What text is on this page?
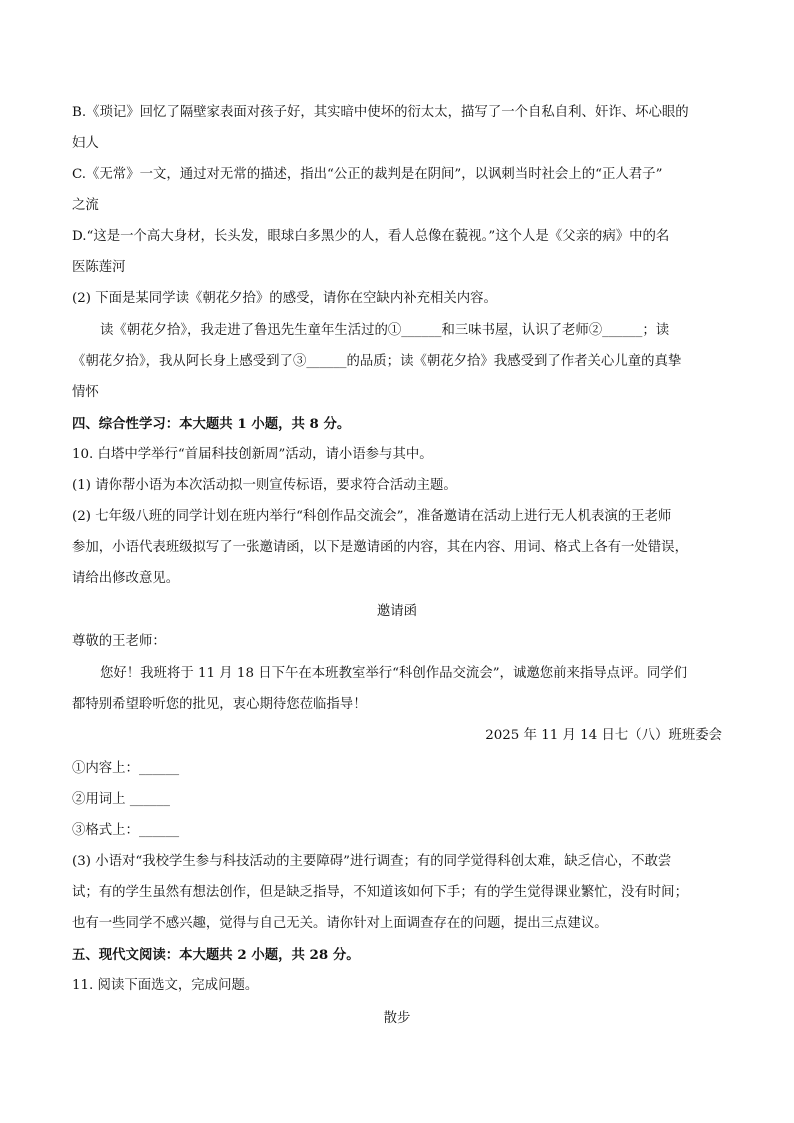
B.《琐记》回忆了隔壁家表面对孩子好，其实暗中使坏的衍太太，描写了一个自私自利、奸诈、坏心眼的
妇人
C.《无常》一文，通过对无常的描述，指出“公正的裁判是在阴间”，以讽刺当时社会上的“正人君子”
之流
D.“这是一个高大身材，长头发，眼球白多黑少的人，看人总像在藐视。”这个人是《父亲的病》中的名
医陈莲河
(2) 下面是某同学读《朝花夕拾》的感受，请你在空缺内补充相关内容。
读《朝花夕拾》，我走进了鲁迅先生童年生活过的①______和三味书屋，认识了老师②______；读
《朝花夕拾》，我从阿长身上感受到了③______的品质；读《朝花夕拾》我感受到了作者关心儿童的真挚
情怀
四、综合性学习：本大题共 1 小题，共 8 分。
10. 白塔中学举行“首届科技创新周”活动，请小语参与其中。
(1) 请你帮小语为本次活动拟一则宣传标语，要求符合活动主题。
(2) 七年级八班的同学计划在班内举行“科创作品交流会”，准备邀请在活动上进行无人机表演的王老师
参加，小语代表班级拟写了一张邀请函，以下是邀请函的内容，其在内容、用词、格式上各有一处错误，
请给出修改意见。
邀请函
尊敬的王老师：
您好！我班将于 11 月 18 日下午在本班教室举行“科创作品交流会”，诚邀您前来指导点评。同学们
都特别希望聆听您的批见，衷心期待您莅临指导！
2025 年 11 月 14 日七（八）班班委会
①内容上：______
②用词上 ______
③格式上：______
(3) 小语对“我校学生参与科技活动的主要障碍”进行调查；有的同学觉得科创太难，缺乏信心，不敢尝
试；有的学生虽然有想法创作，但是缺乏指导，不知道该如何下手；有的学生觉得课业繁忙，没有时间；
也有一些同学不感兴趣，觉得与自己无关。请你针对上面调查存在的问题，提出三点建议。
五、现代文阅读：本大题共 2 小题，共 28 分。
11. 阅读下面选文，完成问题。
散步
